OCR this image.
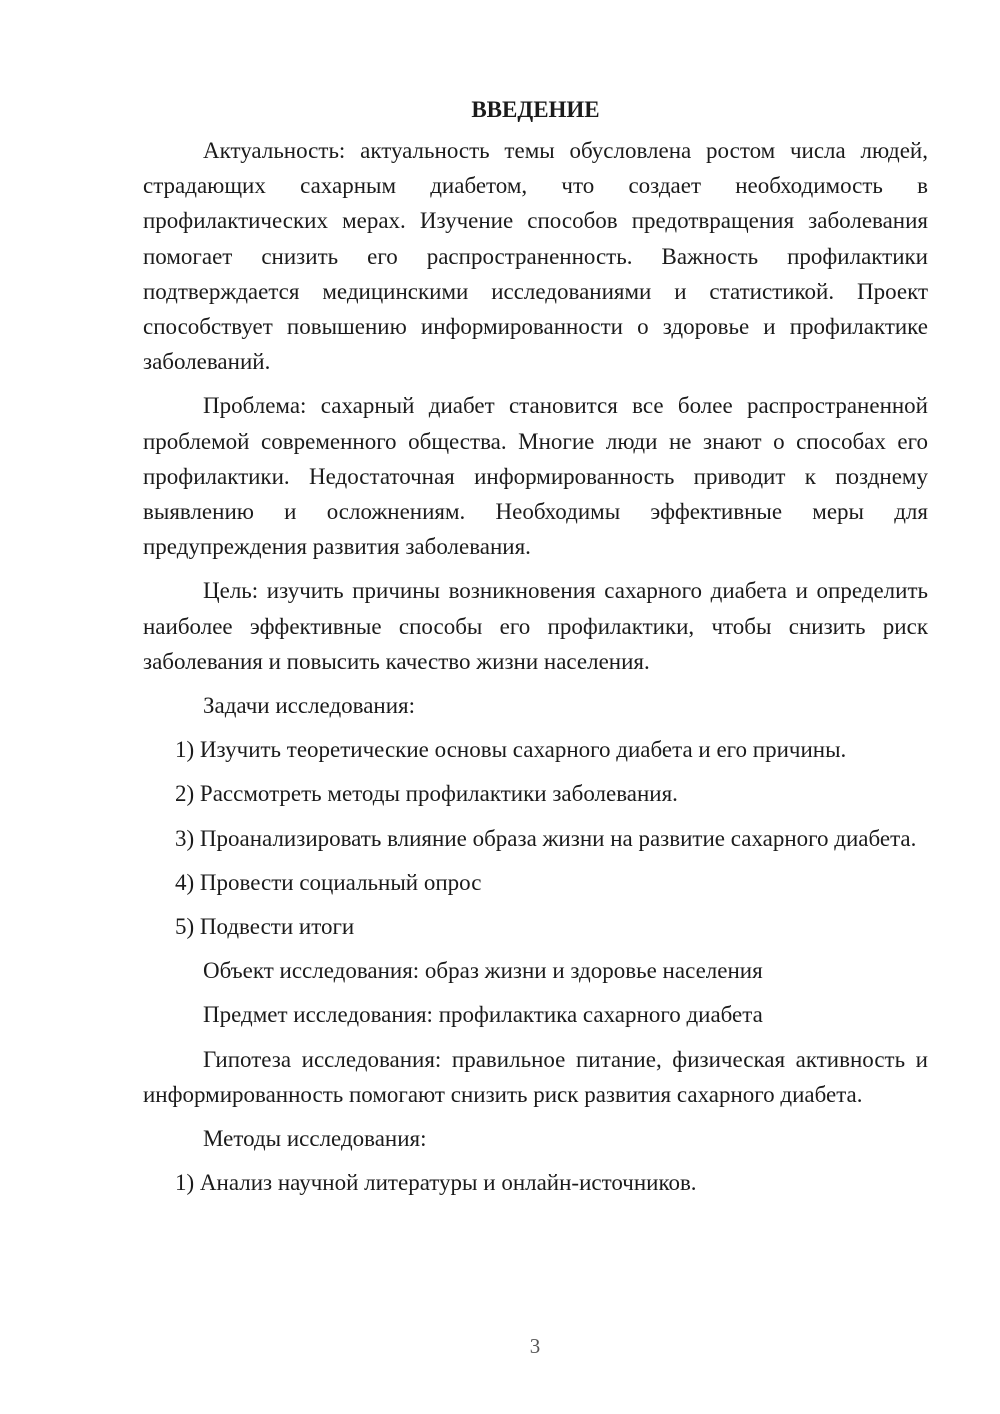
ВВЕДЕНИЕ

Актуальность: актуальность темы обусловлена ростом числа людей, страдающих сахарным диабетом, что создает необходимость в профилактических мерах. Изучение способов предотвращения заболевания помогает снизить его распространенность. Важность профилактики подтверждается медицинскими исследованиями и статистикой. Проект способствует повышению информированности о здоровье и профилактике заболеваний.

Проблема: сахарный диабет становится все более распространенной проблемой современного общества. Многие люди не знают о способах его профилактики. Недостаточная информированность приводит к позднему выявлению и осложнениям. Необходимы эффективные меры для предупреждения развития заболевания.

Цель: изучить причины возникновения сахарного диабета и определить наиболее эффективные способы его профилактики, чтобы снизить риск заболевания и повысить качество жизни населения.

Задачи исследования:

1) Изучить теоретические основы сахарного диабета и его причины.

2) Рассмотреть методы профилактики заболевания.

3) Проанализировать влияние образа жизни на развитие сахарного диабета.

4) Провести социальный опрос

5) Подвести итоги

Объект исследования: образ жизни и здоровье населения

Предмет исследования: профилактика сахарного диабета

Гипотеза исследования: правильное питание, физическая активность и информированность помогают снизить риск развития сахарного диабета.

Методы исследования:

1) Анализ научной литературы и онлайн-источников.

3
